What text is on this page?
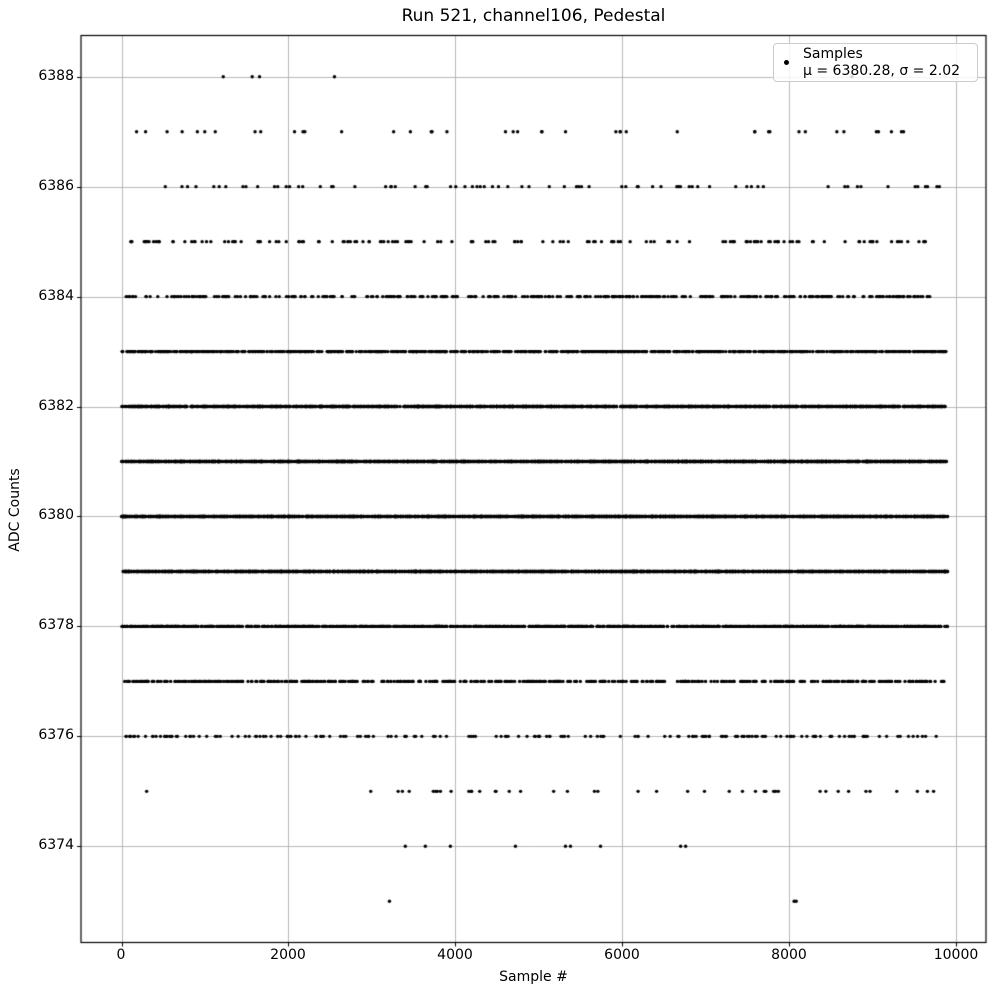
Run 521, channel106, Pedestal
ADC Counts
Sample #
6388
6386
6384
6382
6380
6378
6376
6374
0	2000	4000	6000	8000	10000
Samples
μ = 6380.28, σ = 2.02
